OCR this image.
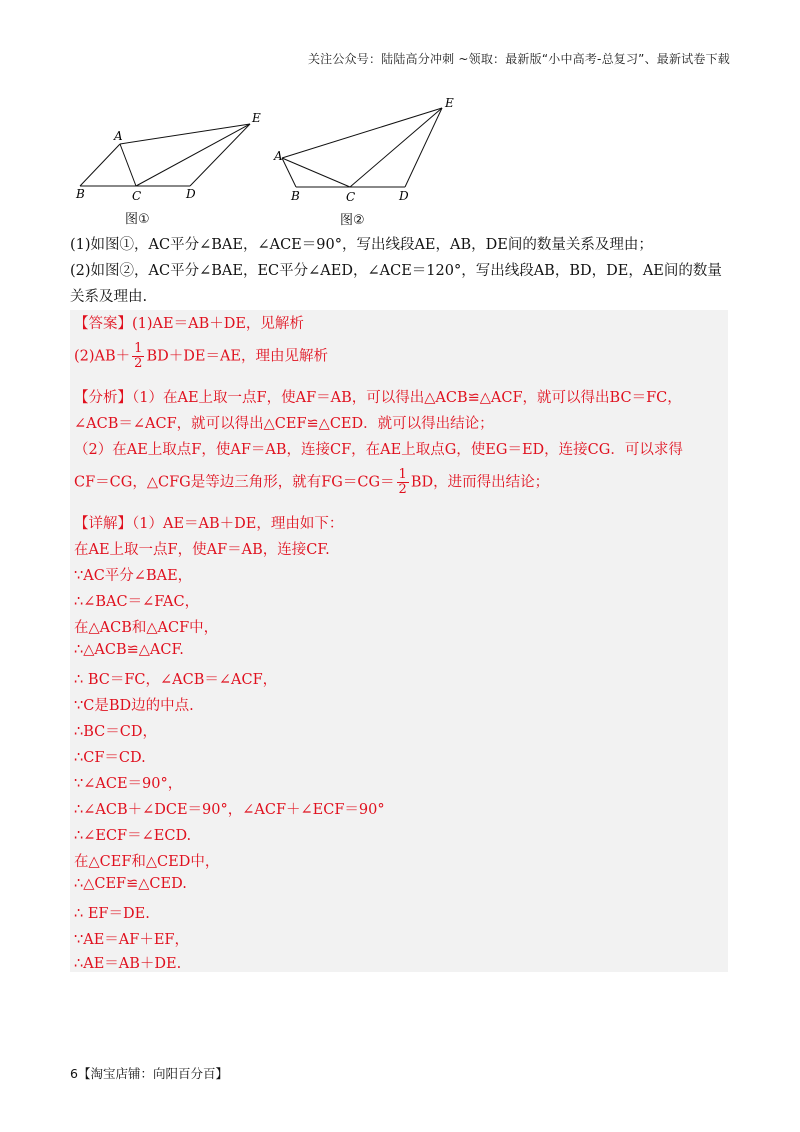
关注公众号：陆陆高分冲刺 ~领取：最新版“小中高考-总复习”、最新试卷下载
A
B	C	D
E
A
B	C	D
E
图①	图②
(1)如图①，AC平分∠BAE，∠ACE＝90°，写出线段AE，AB，DE间的数量关系及理由；
(2)如图②，AC平分∠BAE，EC平分∠AED，∠ACE＝120°，写出线段AB，BD，DE，AE间的数量
关系及理由.
【答案】(1)AE＝AB＋DE，见解析
$(2)AB+ \frac{1}{2} BD+DE=AE$，理由见解析
【分析】（1）在AE上取一点F，使AF＝AB，可以得出△ACB≌△ACF，就可以得出BC＝FC，
∠ACB＝∠ACF，就可以得出△CEF≌△CED．就可以得出结论；
（2）在AE上取点F，使AF＝AB，连接CF，在AE上取点G，使EG＝ED，连接CG．可以求得
CF＝CG，△CFG是等边三角形，就有$FG=CG= \frac{1}{2}$ BD，进而得出结论；
【详解】（1）AE＝AB＋DE，理由如下：
在AE上取一点F，使AF＝AB，连接CF.
∵AC平分∠BAE，
∴∠BAC＝∠FAC，
在△ACB和△ACF中，
∴△ACB≌△ACF.
∴ BC＝FC，∠ACB＝∠ACF，
∵C是BD边的中点.
∴BC＝CD，
∴CF＝CD.
∵∠ACE＝90°，
∴∠ACB＋∠DCE＝90°，∠ACF＋∠ECF＝90°
∴∠ECF＝∠ECD.
在△CEF和△CED中，
∴△CEF≌△CED.
∴ EF＝DE.
∵AE＝AF＋EF，
∴AE＝AB＋DE.
6【淘宝店铺：向阳百分百】
